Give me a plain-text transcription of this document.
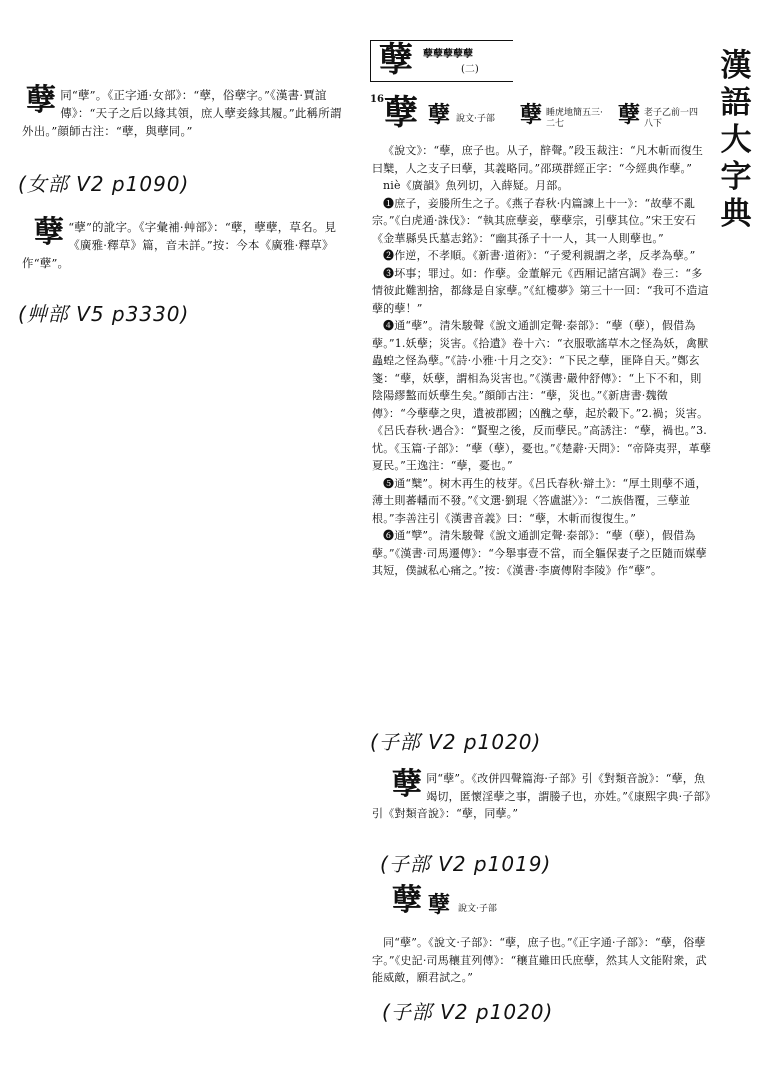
孽 孽孽孽孽孽
(二)	漢
語
大
字
典
孽 同“孽”。《正字通·女部》：“孽，俗孽字。”《漢書·賈誼傳》：“天子之后以緣其領，庶人孽妾緣其履。”此稱所謂外出。”顔師古注：“孽，與孽同。”
(女部 V2 p1090)
孽 “孽”的訛字。《字彙補·艸部》：“孽，孽孽，草名。見《廣雅·釋草》篇，音未詳。”按：今本《廣雅·釋草》作“孽”。
(艸部 V5 p3330)
16 孽 孽 說文·子部 孽 睡虎地簡五三·二七	孽 老子乙前一四八下

《說文》：“孽，庶子也。从子，辥聲。”段玉裁注：“凡木斬而復生曰櫱，人之支子曰孽，其義略同。”邵瑛群經正字：“今經典作孽。”

niè《廣韻》魚列切，入薛疑。月部。

❶庶子，妾媵所生之子。《燕子春秋·内篇諫上十一》：“故孽不亂宗。”《白虎通·誅伐》：“執其庶孽妾，孽孽宗，引孽其位。”宋王安石《金華縣吳氏墓志銘》：“幽其孫子十一人，其一人則孽也。”

❷作逆，不孝順。《新書·道術》：“子愛利親謂之孝，反孝為孽。”

❸坏事；罪过。如：作孽。金董解元《西厢记諸宫調》卷三：“多情彼此難割捨，都緣是自家孽。”《紅樓夢》第三十一回：“我可不造這孽的孽！”

❹通“孽”。清朱駿聲《說文通訓定聲·泰部》：“孽（孽），假借為孽。”1.妖孽；災害。《拾遺》卷十六：“衣服歌謠草木之怪為妖，禽獸蟲蝗之怪為孽。”《詩·小雅·十月之交》：“下民之孽，匪降自天。”鄭玄箋：“孽，妖孽，謂相為災害也。”《漢書·嚴仲舒傳》：“上下不和，則陰陽繆盭而妖孽生矣。”顔師古注：“孽，災也。”《新唐書·魏徵傳》：“今孽孽之臾，遺被郡國；凶醜之孽，起於轂下。”2.禍；災害。《呂氏春秋·遇合》：“賢聖之後，反而孽民。”高誘注：“孽，禍也。”3.忧。《玉篇·子部》：“孽（孽），憂也。”《楚辭·天問》：“帝降夷羿，革孽夏民。”王逸注：“孽，憂也。”

❺通“櫱”。树木再生的枝芽。《呂氏春秋·辯土》：“厚土則孽不通，薄土則蕃轓而不發。”《文選·劉琨〈答盧諶〉》：“二族偕覆，三孽並根。”李善注引《漢書音義》曰：“孽，木斬而復復生。”

❻通“孼”。清朱駿聲《說文通訓定聲·泰部》：“孽（孽），假借為孽。”《漢書·司馬遷傳》：“今舉事壹不當，而全軀保妻子之臣隨而媒孽其短，僕誠私心痛之。”按：《漢書·李廣傳附李陵》作“孽”。

(子部 V2 p1020)
孽 同“孽”。《改併四聲篇海·子部》引《對類音說》：“孽，魚竭切，匿懷淫孽之事，謂媵子也，亦姓。”《康熙字典·子部》引《對類音說》：“孽，同孽。”
(子部 V2 p1019)
孽 孽 說文·子部
同“孽”。《說文·子部》：“孽，庶子也。”《正字通·子部》：“孽，俗孽字。”《史記·司馬穰苴列傳》：“穰苴雖田氏庶孽，然其人文能附衆，武能威敵，願君試之。”
(子部 V2 p1020)
